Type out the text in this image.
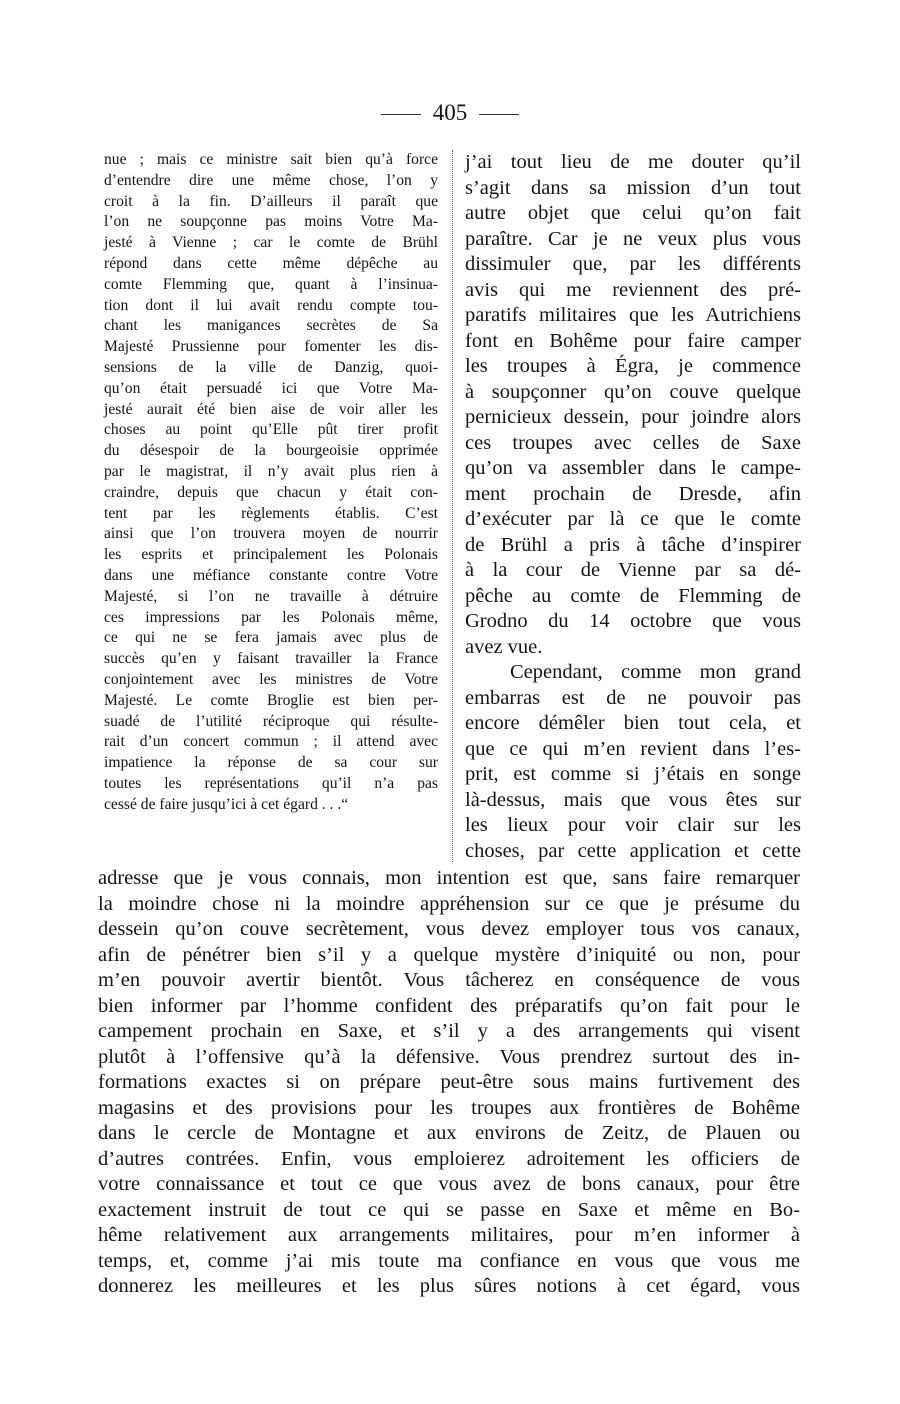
405

nue ; mais ce ministre sait bien qu’à force

d’entendre dire une même chose, l’on y

croit à la fin. D’ailleurs il paraît que

l’on ne soupçonne pas moins Votre Ma-

jesté à Vienne ; car le comte de Brühl

répond dans cette même dépêche au

comte Flemming que, quant à l’insinua-

tion dont il lui avait rendu compte tou-

chant les manigances secrètes de Sa

Majesté Prussienne pour fomenter les dis-

sensions de la ville de Danzig, quoi-

qu’on était persuadé ici que Votre Ma-

jesté aurait été bien aise de voir aller les

choses au point qu’Elle pût tirer profit

du désespoir de la bourgeoisie opprimée

par le magistrat, il n’y avait plus rien à

craindre, depuis que chacun y était con-

tent par les règlements établis. C’est

ainsi que l’on trouvera moyen de nourrir

les esprits et principalement les Polonais

dans une méfiance constante contre Votre

Majesté, si l’on ne travaille à détruire

ces impressions par les Polonais même,

ce qui ne se fera jamais avec plus de

succès qu’en y faisant travailler la France

conjointement avec les ministres de Votre

Majesté. Le comte Broglie est bien per-

suadé de l’utilité réciproque qui résulte-

rait d’un concert commun ; il attend avec

impatience la réponse de sa cour sur

toutes les représentations qu’il n’a pas

cessé de faire jusqu’ici à cet égard . . .“

j’ai tout lieu de me douter qu’il

s’agit dans sa mission d’un tout

autre objet que celui qu’on fait

paraître. Car je ne veux plus vous

dissimuler que, par les différents

avis qui me reviennent des pré-

paratifs militaires que les Autrichiens

font en Bohême pour faire camper

les troupes à Égra, je commence

à soupçonner qu’on couve quelque

pernicieux dessein, pour joindre alors

ces troupes avec celles de Saxe

qu’on va assembler dans le campe-

ment prochain de Dresde, afin

d’exécuter par là ce que le comte

de Brühl a pris à tâche d’inspirer

à la cour de Vienne par sa dé-

pêche au comte de Flemming de

Grodno du 14 octobre que vous

avez vue.

Cependant, comme mon grand

embarras est de ne pouvoir pas

encore démêler bien tout cela, et

que ce qui m’en revient dans l’es-

prit, est comme si j’étais en songe

là-dessus, mais que vous êtes sur

les lieux pour voir clair sur les

choses, par cette application et cette

adresse que je vous connais, mon intention est que, sans faire remarquer

la moindre chose ni la moindre appréhension sur ce que je présume du

dessein qu’on couve secrètement, vous devez employer tous vos canaux,

afin de pénétrer bien s’il y a quelque mystère d’iniquité ou non, pour

m’en pouvoir avertir bientôt. Vous tâcherez en conséquence de vous

bien informer par l’homme confident des préparatifs qu’on fait pour le

campement prochain en Saxe, et s’il y a des arrangements qui visent

plutôt à l’offensive qu’à la défensive. Vous prendrez surtout des in-

formations exactes si on prépare peut-être sous mains furtivement des

magasins et des provisions pour les troupes aux frontières de Bohême

dans le cercle de Montagne et aux environs de Zeitz, de Plauen ou

d’autres contrées. Enfin, vous emploierez adroitement les officiers de

votre connaissance et tout ce que vous avez de bons canaux, pour être

exactement instruit de tout ce qui se passe en Saxe et même en Bo-

hême relativement aux arrangements militaires, pour m’en informer à

temps, et, comme j’ai mis toute ma confiance en vous que vous me

donnerez les meilleures et les plus sûres notions à cet égard, vous
